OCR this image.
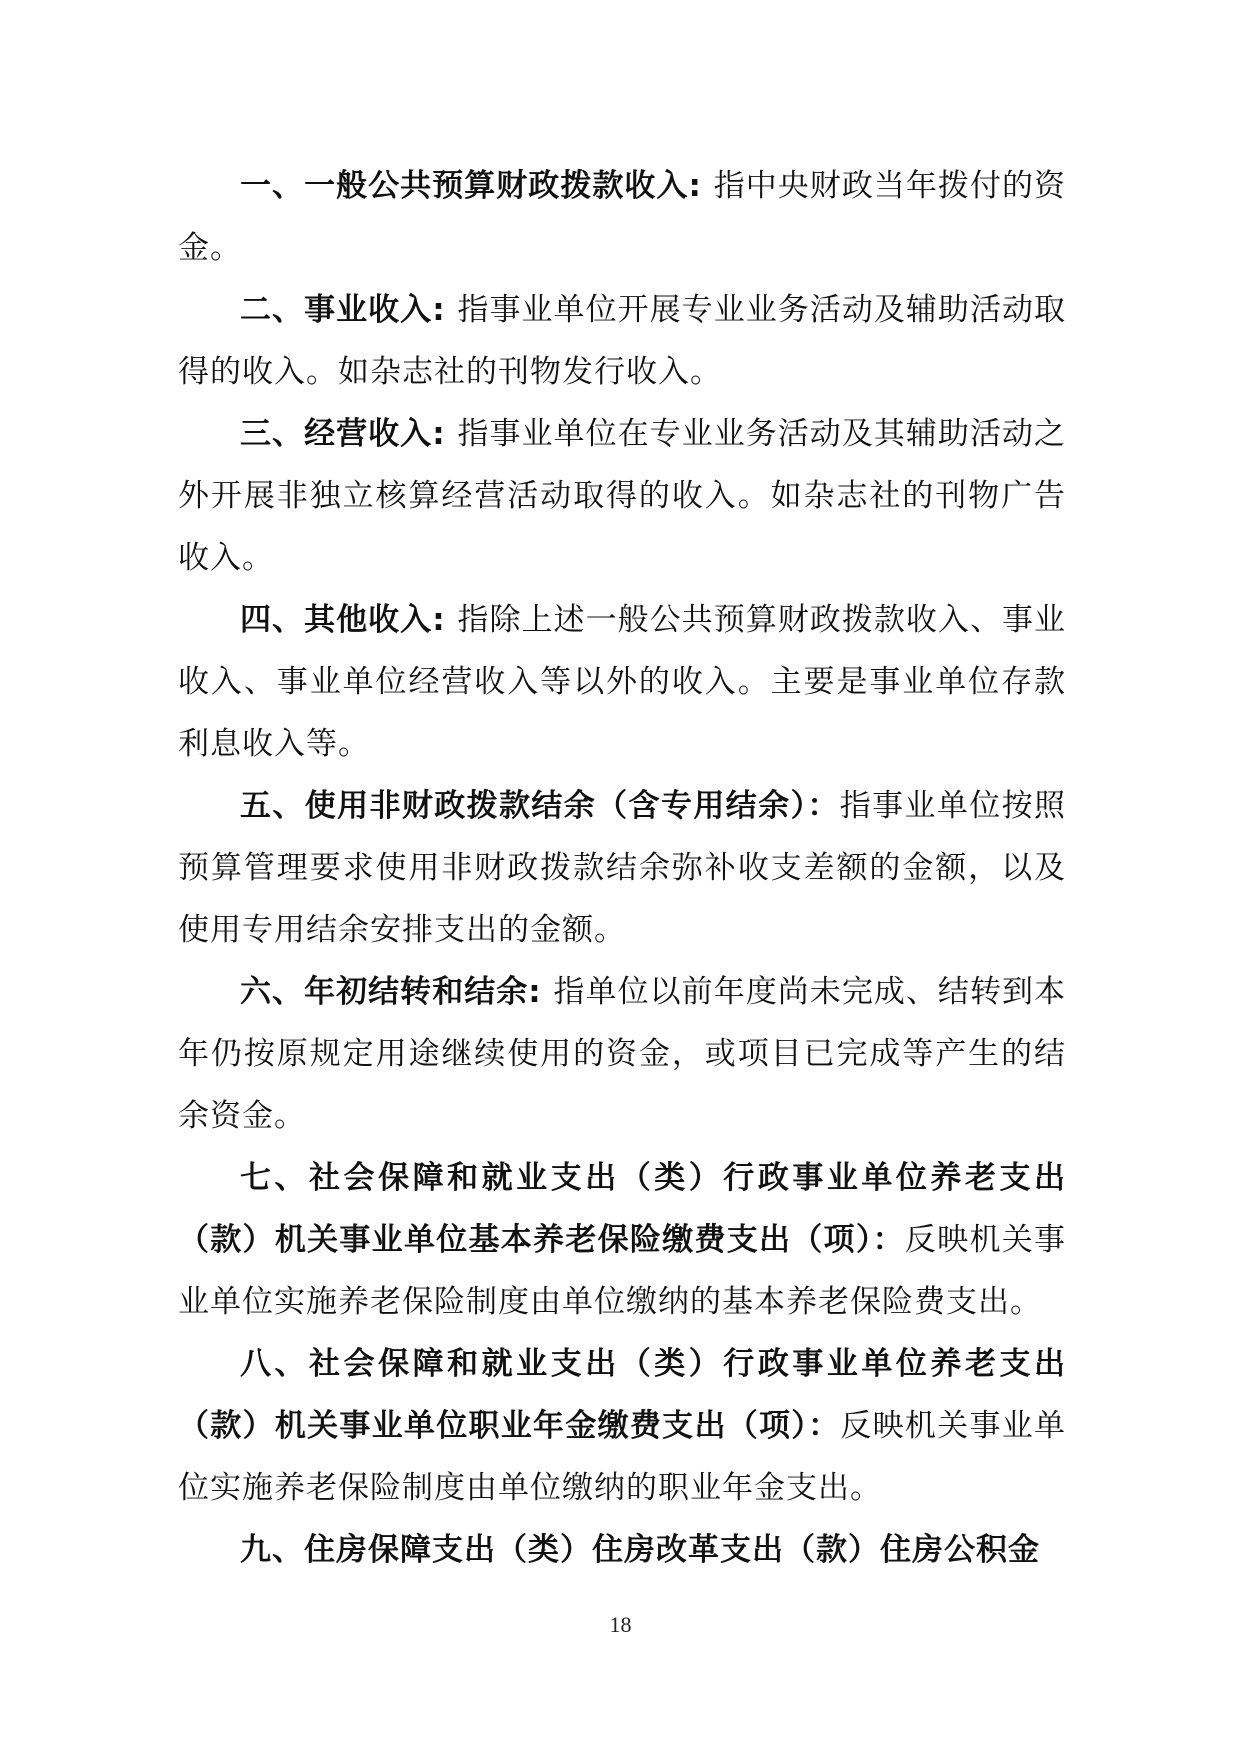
一、一般公共预算财政拨款收入: 指中央财政当年拨付的资金。

二、事业收入: 指事业单位开展专业业务活动及辅助活动取得的收入。如杂志社的刊物发行收入。

三、经营收入: 指事业单位在专业业务活动及其辅助活动之外开展非独立核算经营活动取得的收入。如杂志社的刊物广告收入。

四、其他收入: 指除上述一般公共预算财政拨款收入、事业收入、事业单位经营收入等以外的收入。主要是事业单位存款利息收入等。

五、使用非财政拨款结余（含专用结余）：指事业单位按照预算管理要求使用非财政拨款结余弥补收支差额的金额，以及使用专用结余安排支出的金额。

六、年初结转和结余: 指单位以前年度尚未完成、结转到本年仍按原规定用途继续使用的资金，或项目已完成等产生的结余资金。

七、社会保障和就业支出（类）行政事业单位养老支出（款）机关事业单位基本养老保险缴费支出（项）：反映机关事业单位实施养老保险制度由单位缴纳的基本养老保险费支出。

八、社会保障和就业支出（类）行政事业单位养老支出（款）机关事业单位职业年金缴费支出（项）：反映机关事业单位实施养老保险制度由单位缴纳的职业年金支出。

九、住房保障支出（类）住房改革支出（款）住房公积金

18
